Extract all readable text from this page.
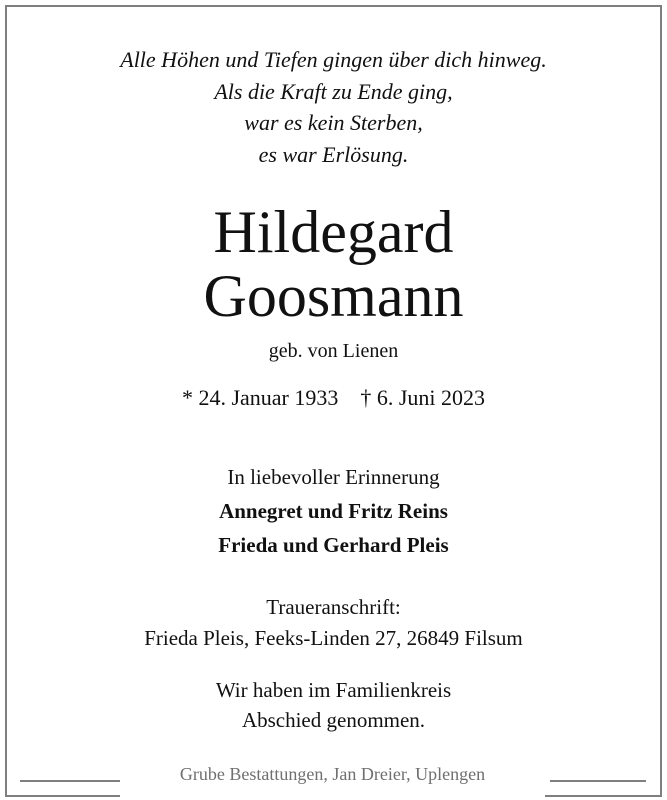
Alle Höhen und Tiefen gingen über dich hinweg.
Als die Kraft zu Ende ging,
war es kein Sterben,
es war Erlösung.
Hildegard
Goosmann
geb. von Lienen
* 24. Januar 1933 † 6. Juni 2023
In liebevoller Erinnerung
Annegret und Fritz Reins
Frieda und Gerhard Pleis
Traueranschrift:
Frieda Pleis, Feeks-Linden 27, 26849 Filsum
Wir haben im Familienkreis
Abschied genommen.
Grube Bestattungen, Jan Dreier, Uplengen
